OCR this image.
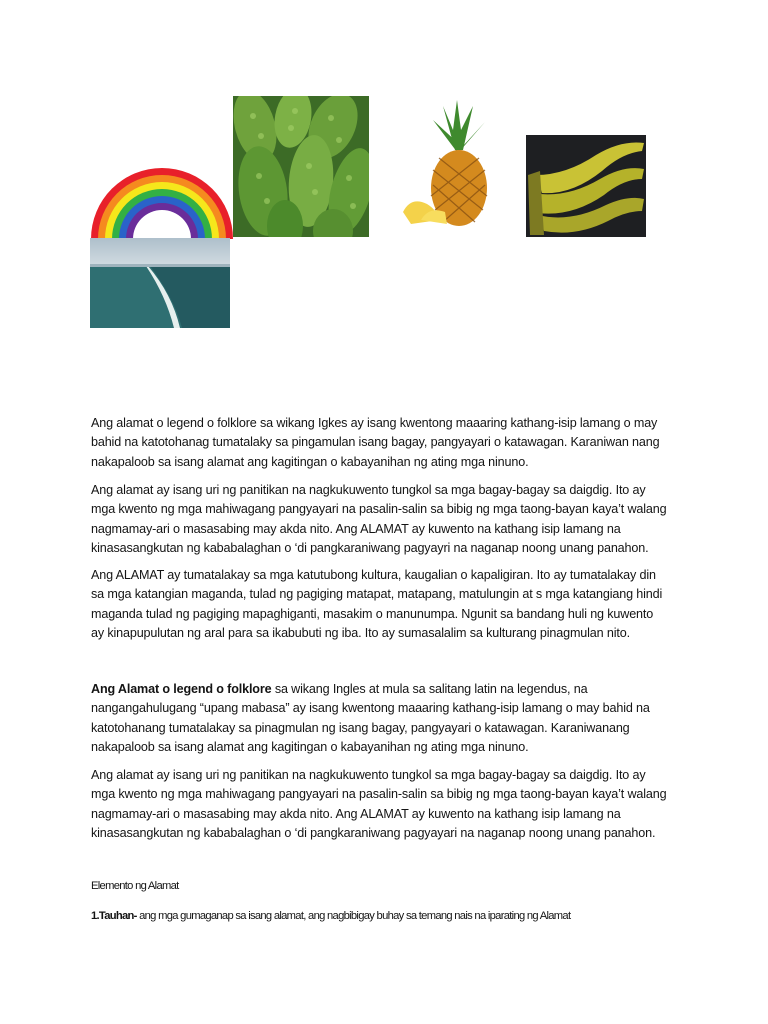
Ang alamat o legend o folklore sa wikang Igkes ay isang kwentong maaaring kathang-isip lamang o may
bahid na katotohanag tumatalaky sa pingamulan isang bagay, pangyayari o katawagan. Karaniwan nang
nakapaloob sa isang alamat ang kagitingan o kabayanihan ng ating mga ninuno.
Ang alamat ay isang uri ng panitikan na nagkukuwento tungkol sa mga bagay-bagay sa daigdig. Ito ay
mga kwento ng mga mahiwagang pangyayari na pasalin-salin sa bibig ng mga taong-bayan kaya’t walang
nagmamay-ari o masasabing may akda nito. Ang ALAMAT ay kuwento na kathang isip lamang na
kinasasangkutan ng kababalaghan o ‘di pangkaraniwang pagyayri na naganap noong unang panahon.
Ang ALAMAT ay tumatalakay sa mga katutubong kultura, kaugalian o kapaligiran. Ito ay tumatalakay din
sa mga katangian maganda, tulad ng pagiging matapat, matapang, matulungin at s mga katangiang hindi
maganda tulad ng pagiging mapaghiganti, masakim o manunumpa. Ngunit sa bandang huli ng kuwento
ay kinapupulutan ng aral para sa ikabubuti ng iba. Ito ay sumasalalim sa kulturang pinagmulan nito.
Ang Alamat o legend o folklore sa wikang Ingles at mula sa salitang latin na legendus, na
nangangahulugang “upang mabasa” ay isang kwentong maaaring kathang-isip lamang o may bahid na
katotohanang tumatalakay sa pinagmulan ng isang bagay, pangyayari o katawagan. Karaniwanang
nakapaloob sa isang alamat ang kagitingan o kabayanihan ng ating mga ninuno.
Ang alamat ay isang uri ng panitikan na nagkukuwento tungkol sa mga bagay-bagay sa daigdig. Ito ay
mga kwento ng mga mahiwagang pangyayari na pasalin-salin sa bibig ng mga taong-bayan kaya’t walang
nagmamay-ari o masasabing may akda nito. Ang ALAMAT ay kuwento na kathang isip lamang na
kinasasangkutan ng kababalaghan o ‘di pangkaraniwang pagyayari na naganap noong unang panahon.
Elemento ng Alamat
1.Tauhan- ang mga gumaganap sa isang alamat, ang nagbibigay buhay sa temang nais na iparating ng Alamat
